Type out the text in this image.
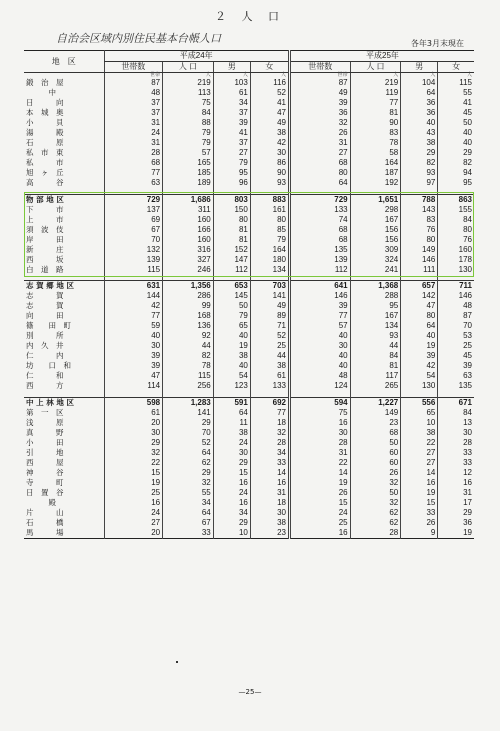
２ 人 口
自治会区域内別住民基本台帳人口	各年3月末現在
地　区	平成24年				平成25年			
	世帯数	人 口	男	女	世帯数	人 口	男	女
	世帯	人	人	人	世帯	人	人	人
鍛　治　屋	87	219	103	116	87	219	104	115
　　　中	48	113	61	52	49	119	64	55
日　　　向	37	75	34	41	39	77	36	41
本　城　奥	37	84	37	47	36	81	36	45
小　　　貝	31	88	39	49	32	90	40	50
湯　　　殿	24	79	41	38	26	83	43	40
石　　　原	31	79	37	42	31	78	38	40
私　市　東	28	57	27	30	27	58	29	29
私　　　市	68	165	79	86	68	164	82	82
旭　ヶ　丘	77	185	95	90	80	187	93	94
高　　　谷	63	189	96	93	64	192	97	95

物 部 地 区	729	1,686	803	883	729	1,651	788	863
下　　　市	137	311	150	161	133	298	143	155
上　　　市	69	160	80	80	74	167	83	84
須　波　伎	67	166	81	85	68	156	76	80
岸　　　田	70	160	81	79	68	156	80	76
新　　　庄	132	316	152	164	135	309	149	160
西　　　坂	139	327	147	180	139	324	146	178
白　道　路	115	246	112	134	112	241	111	130

志 賀 郷 地 区	631	1,356	653	703	641	1,368	657	711
志　　　賀	144	286	145	141	146	288	142	146
志　　　賀	42	99	50	49	39	95	47	48
向　　　田	77	168	79	89	77	167	80	87
篠　　田　町	59	136	65	71	57	134	64	70
別　　　所	40	92	40	52	40	93	40	53
内　久　井	30	44	19	25	30	44	19	25
仁　　　内	39	82	38	44	40	84	39	45
坊　　口　和	39	78	40	38	40	81	42	39
仁　　　和	47	115	54	61	48	117	54	63
西　　　方	114	256	123	133	124	265	130	135

中 上 林 地 区	598	1,283	591	692	594	1,227	556	671
第　一　区	61	141	64	77	75	149	65	84
浅　　　原	20	29	11	18	16	23	10	13
真　　　野	30	70	38	32	30	68	38	30
小　　　田	29	52	24	28	28	50	22	28
引　　　地	32	64	30	34	31	60	27	33
西　　　屋	22	62	29	33	22	60	27	33
神　　　谷	15	29	15	14	14	26	14	12
寺　　　町	19	32	16	16	19	32	16	16
日　置　谷	25	55	24	31	26	50	19	31
　　　殿	16	34	16	18	15	32	15	17
片　　　山	24	64	34	30	24	62	33	29
石　　　橋	27	67	29	38	25	62	26	36
馬　　　場	20	33	10	23	16	28	9	19
—25—
